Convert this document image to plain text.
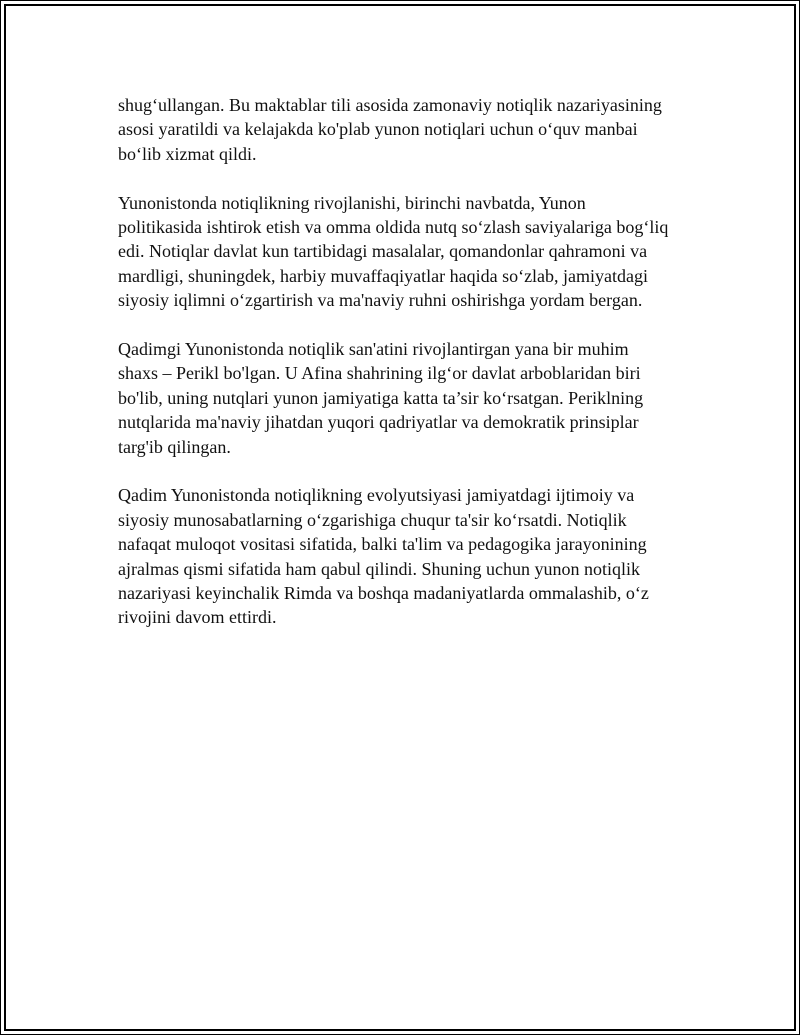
shug‘ullangan. Bu maktablar tili asosida zamonaviy notiqlik nazariyasining
asosi yaratildi va kelajakda ko'plab yunon notiqlari uchun o‘quv manbai
bo‘lib xizmat qildi.

Yunonistonda notiqlikning rivojlanishi, birinchi navbatda, Yunon
politikasida ishtirok etish va omma oldida nutq so‘zlash saviyalariga bog‘liq
edi. Notiqlar davlat kun tartibidagi masalalar, qomandonlar qahramoni va
mardligi, shuningdek, harbiy muvaffaqiyatlar haqida so‘zlab, jamiyatdagi
siyosiy iqlimni o‘zgartirish va ma'naviy ruhni oshirishga yordam bergan.

Qadimgi Yunonistonda notiqlik san'atini rivojlantirgan yana bir muhim
shaxs – Perikl bo'lgan. U Afina shahrining ilg‘or davlat arboblaridan biri
bo'lib, uning nutqlari yunon jamiyatiga katta ta’sir ko‘rsatgan. Periklning
nutqlarida ma'naviy jihatdan yuqori qadriyatlar va demokratik prinsiplar
targ'ib qilingan.

Qadim Yunonistonda notiqlikning evolyutsiyasi jamiyatdagi ijtimoiy va
siyosiy munosabatlarning o‘zgarishiga chuqur ta'sir ko‘rsatdi. Notiqlik
nafaqat muloqot vositasi sifatida, balki ta'lim va pedagogika jarayonining
ajralmas qismi sifatida ham qabul qilindi. Shuning uchun yunon notiqlik
nazariyasi keyinchalik Rimda va boshqa madaniyatlarda ommalashib, o‘z
rivojini davom ettirdi.
